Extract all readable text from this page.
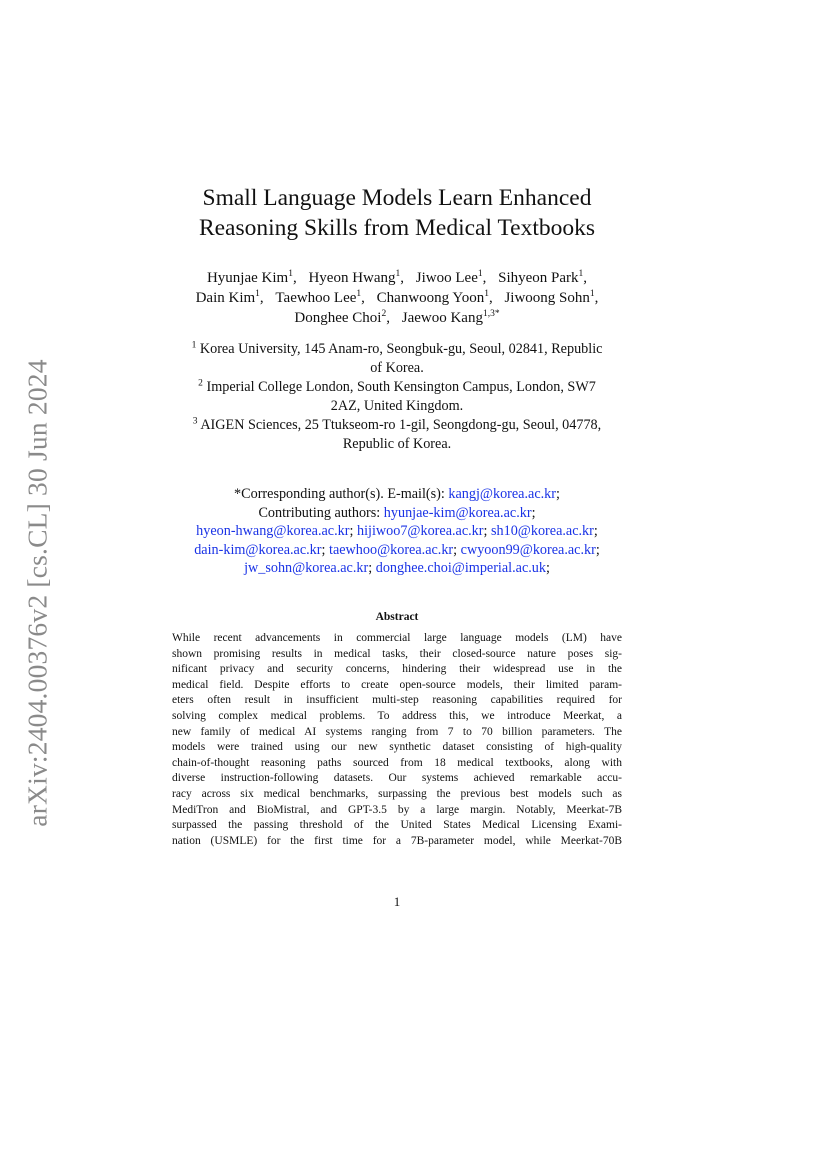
arXiv:2404.00376v2 [cs.CL] 30 Jun 2024
Small Language Models Learn Enhanced
Reasoning Skills from Medical Textbooks
Hyunjae Kim$^1$, Hyeon Hwang$^1$, Jiwoo Lee$^1$, Sihyeon Park$^1$,
Dain Kim$^1$, Taewhoo Lee$^1$, Chanwoong Yoon$^1$, Jiwoong Sohn$^1$,
Donghee Choi$^2$, Jaewoo Kang$^{1,3*}$
$^1$ Korea University, 145 Anam-ro, Seongbuk-gu, Seoul, 02841, Republic
of Korea.
$^2$ Imperial College London, South Kensington Campus, London, SW7
2AZ, United Kingdom.
$^3$ AIGEN Sciences, 25 Ttukseom-ro 1-gil, Seongdong-gu, Seoul, 04778,
Republic of Korea.
*Corresponding author(s). E-mail(s): kangj@korea.ac.kr;
Contributing authors: hyunjae-kim@korea.ac.kr;
hyeon-hwang@korea.ac.kr; hijiwoo7@korea.ac.kr; sh10@korea.ac.kr;
dain-kim@korea.ac.kr; taewhoo@korea.ac.kr; cwyoon99@korea.ac.kr;
jw_sohn@korea.ac.kr; donghee.choi@imperial.ac.uk;
Abstract
While recent advancements in commercial large language models (LM) have
shown promising results in medical tasks, their closed-source nature poses sig-
nificant privacy and security concerns, hindering their widespread use in the
medical field. Despite efforts to create open-source models, their limited param-
eters often result in insufficient multi-step reasoning capabilities required for
solving complex medical problems. To address this, we introduce Meerkat, a
new family of medical AI systems ranging from 7 to 70 billion parameters. The
models were trained using our new synthetic dataset consisting of high-quality
chain-of-thought reasoning paths sourced from 18 medical textbooks, along with
diverse instruction-following datasets. Our systems achieved remarkable accu-
racy across six medical benchmarks, surpassing the previous best models such as
MediTron and BioMistral, and GPT-3.5 by a large margin. Notably, Meerkat-7B
surpassed the passing threshold of the United States Medical Licensing Exami-
nation (USMLE) for the first time for a 7B-parameter model, while Meerkat-70B
1
